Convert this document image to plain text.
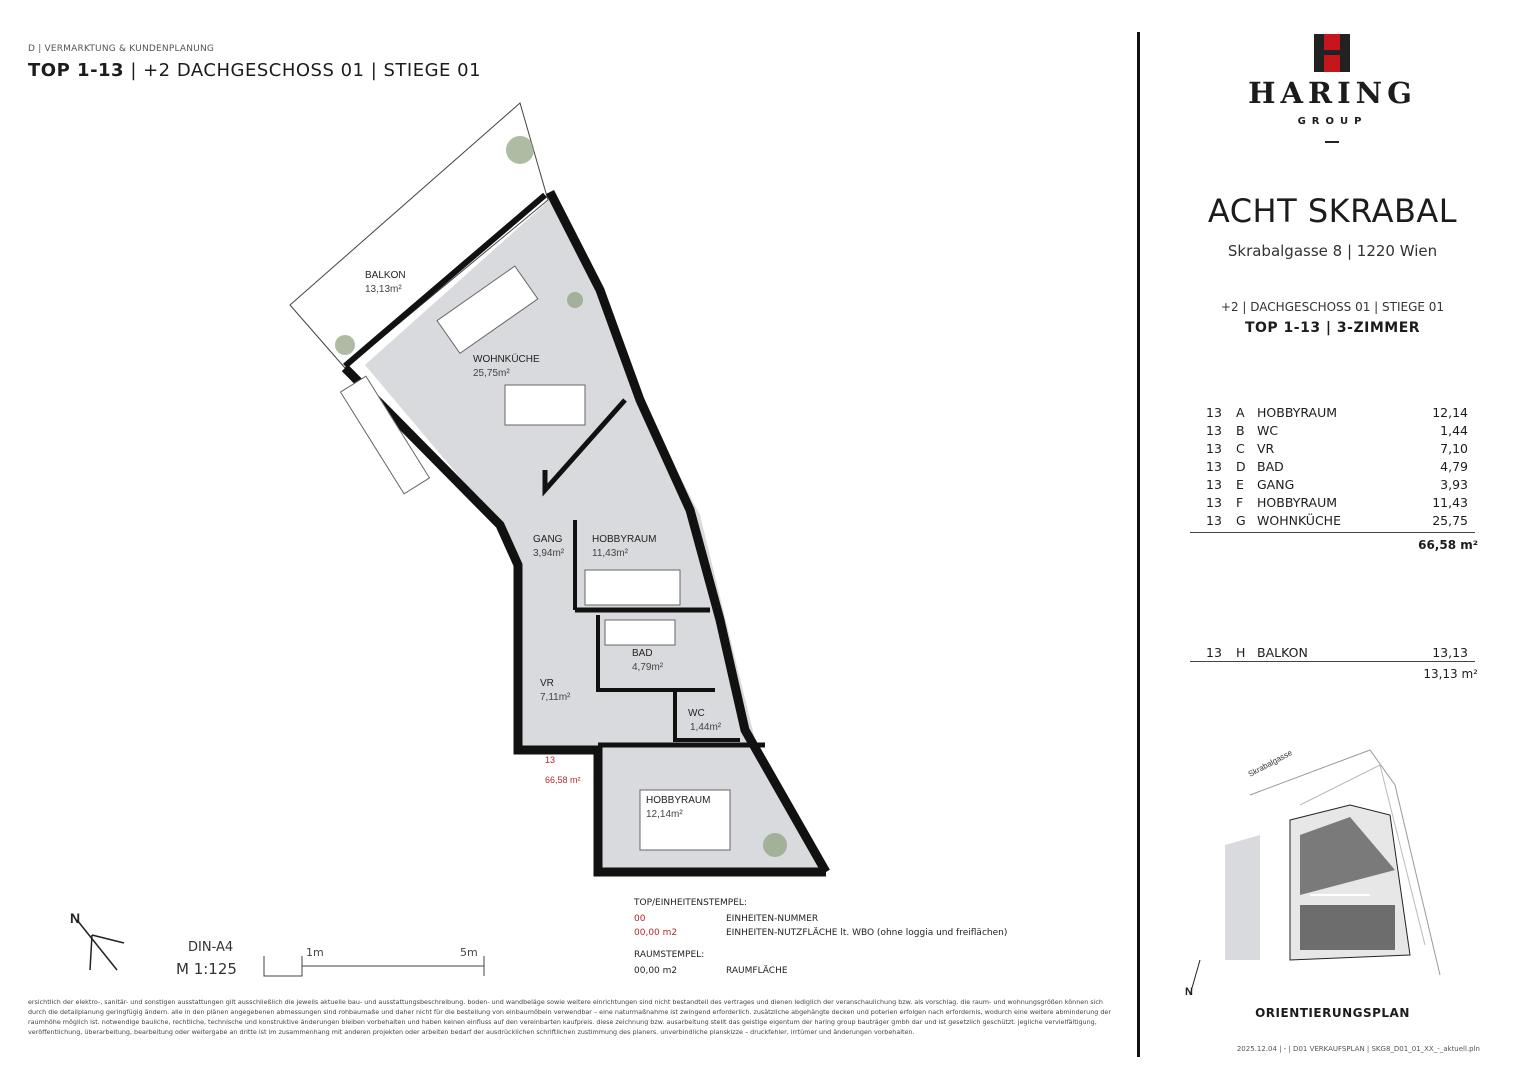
D | VERMARKTUNG & KUNDENPLANUNG
TOP 1-13 | +2 DACHGESCHOSS 01 | STIEGE 01
BALKON
13,13m²
WOHNKÜCHE
25,75m²
GANG
3,94m²
HOBBYRAUM
11,43m²
BAD
4,79m²
VR
7,11m²
WC
1,44m²
HOBBYRAUM
12,14m²
13
66,58 m²
N
DIN-A4
M 1:125
1m	5m
TOP/EINHEITENSTEMPEL:
00	EINHEITEN-NUMMER
00,00 m2	EINHEITEN-NUTZFLÄCHE lt. WBO (ohne loggia und freiflächen)
RAUMSTEMPEL:
00,00 m2	RAUMFLÄCHE
ersichtlich der elektro-, sanitär- und sonstigen ausstattungen gilt ausschließlich die jeweils aktuelle bau- und ausstattungsbeschreibung. boden- und wandbeläge sowie weitere einrichtungen sind nicht bestandteil des vertrages und dienen lediglich der veranschaulichung bzw. als vorschlag. die raum- und wohnungsgrößen können sich durch die detailplanung geringfügig ändern. alle in den plänen angegebenen abmessungen sind rohbaumaße und daher nicht für die bestellung von einbaumöbeln verwendbar – eine naturmaßnahme ist zwingend erforderlich. zusätzliche abgehängte decken und poterien erfolgen nach erfordernis, wodurch eine weitere abminderung der raumhöhe möglich ist. notwendige bauliche, rechtliche, technische und konstruktive änderungen bleiben vorbehalten und haben keinen einfluss auf den vereinbarten kaufpreis. diese zeichnung bzw. ausarbeitung stellt das geistige eigentum der haring group bauträger gmbh dar und ist gesetzlich geschützt. jegliche vervielfältigung, veröffentlichung, überarbeitung, bearbeitung oder weitergabe an dritte ist im zusammenhang mit anderen projekten oder arbeiten bedarf der ausdrücklichen schriftlichen zustimmung des planers. unverbindliche planskizze – druckfehler, irrtümer und änderungen vorbehalten.
HARING
GROUP
ACHT SKRABAL
Skrabalgasse 8 | 1220 Wien
+2 | DACHGESCHOSS 01 | STIEGE 01
TOP 1-13 | 3-ZIMMER
13 A HOBBYRAUM	12,14
13 B WC	1,44
13 C VR	7,10
13 D BAD	4,79
13 E GANG	3,93
13 F HOBBYRAUM	11,43
13 G WOHNKÜCHE	25,75
66,58 m²
13 H BALKON	13,13
13,13 m²
Skrabalgasse
N
ORIENTIERUNGSPLAN
2025.12.04 | - | D01 VERKAUFSPLAN | SKG8_D01_01_XX_-_aktuell.pln
